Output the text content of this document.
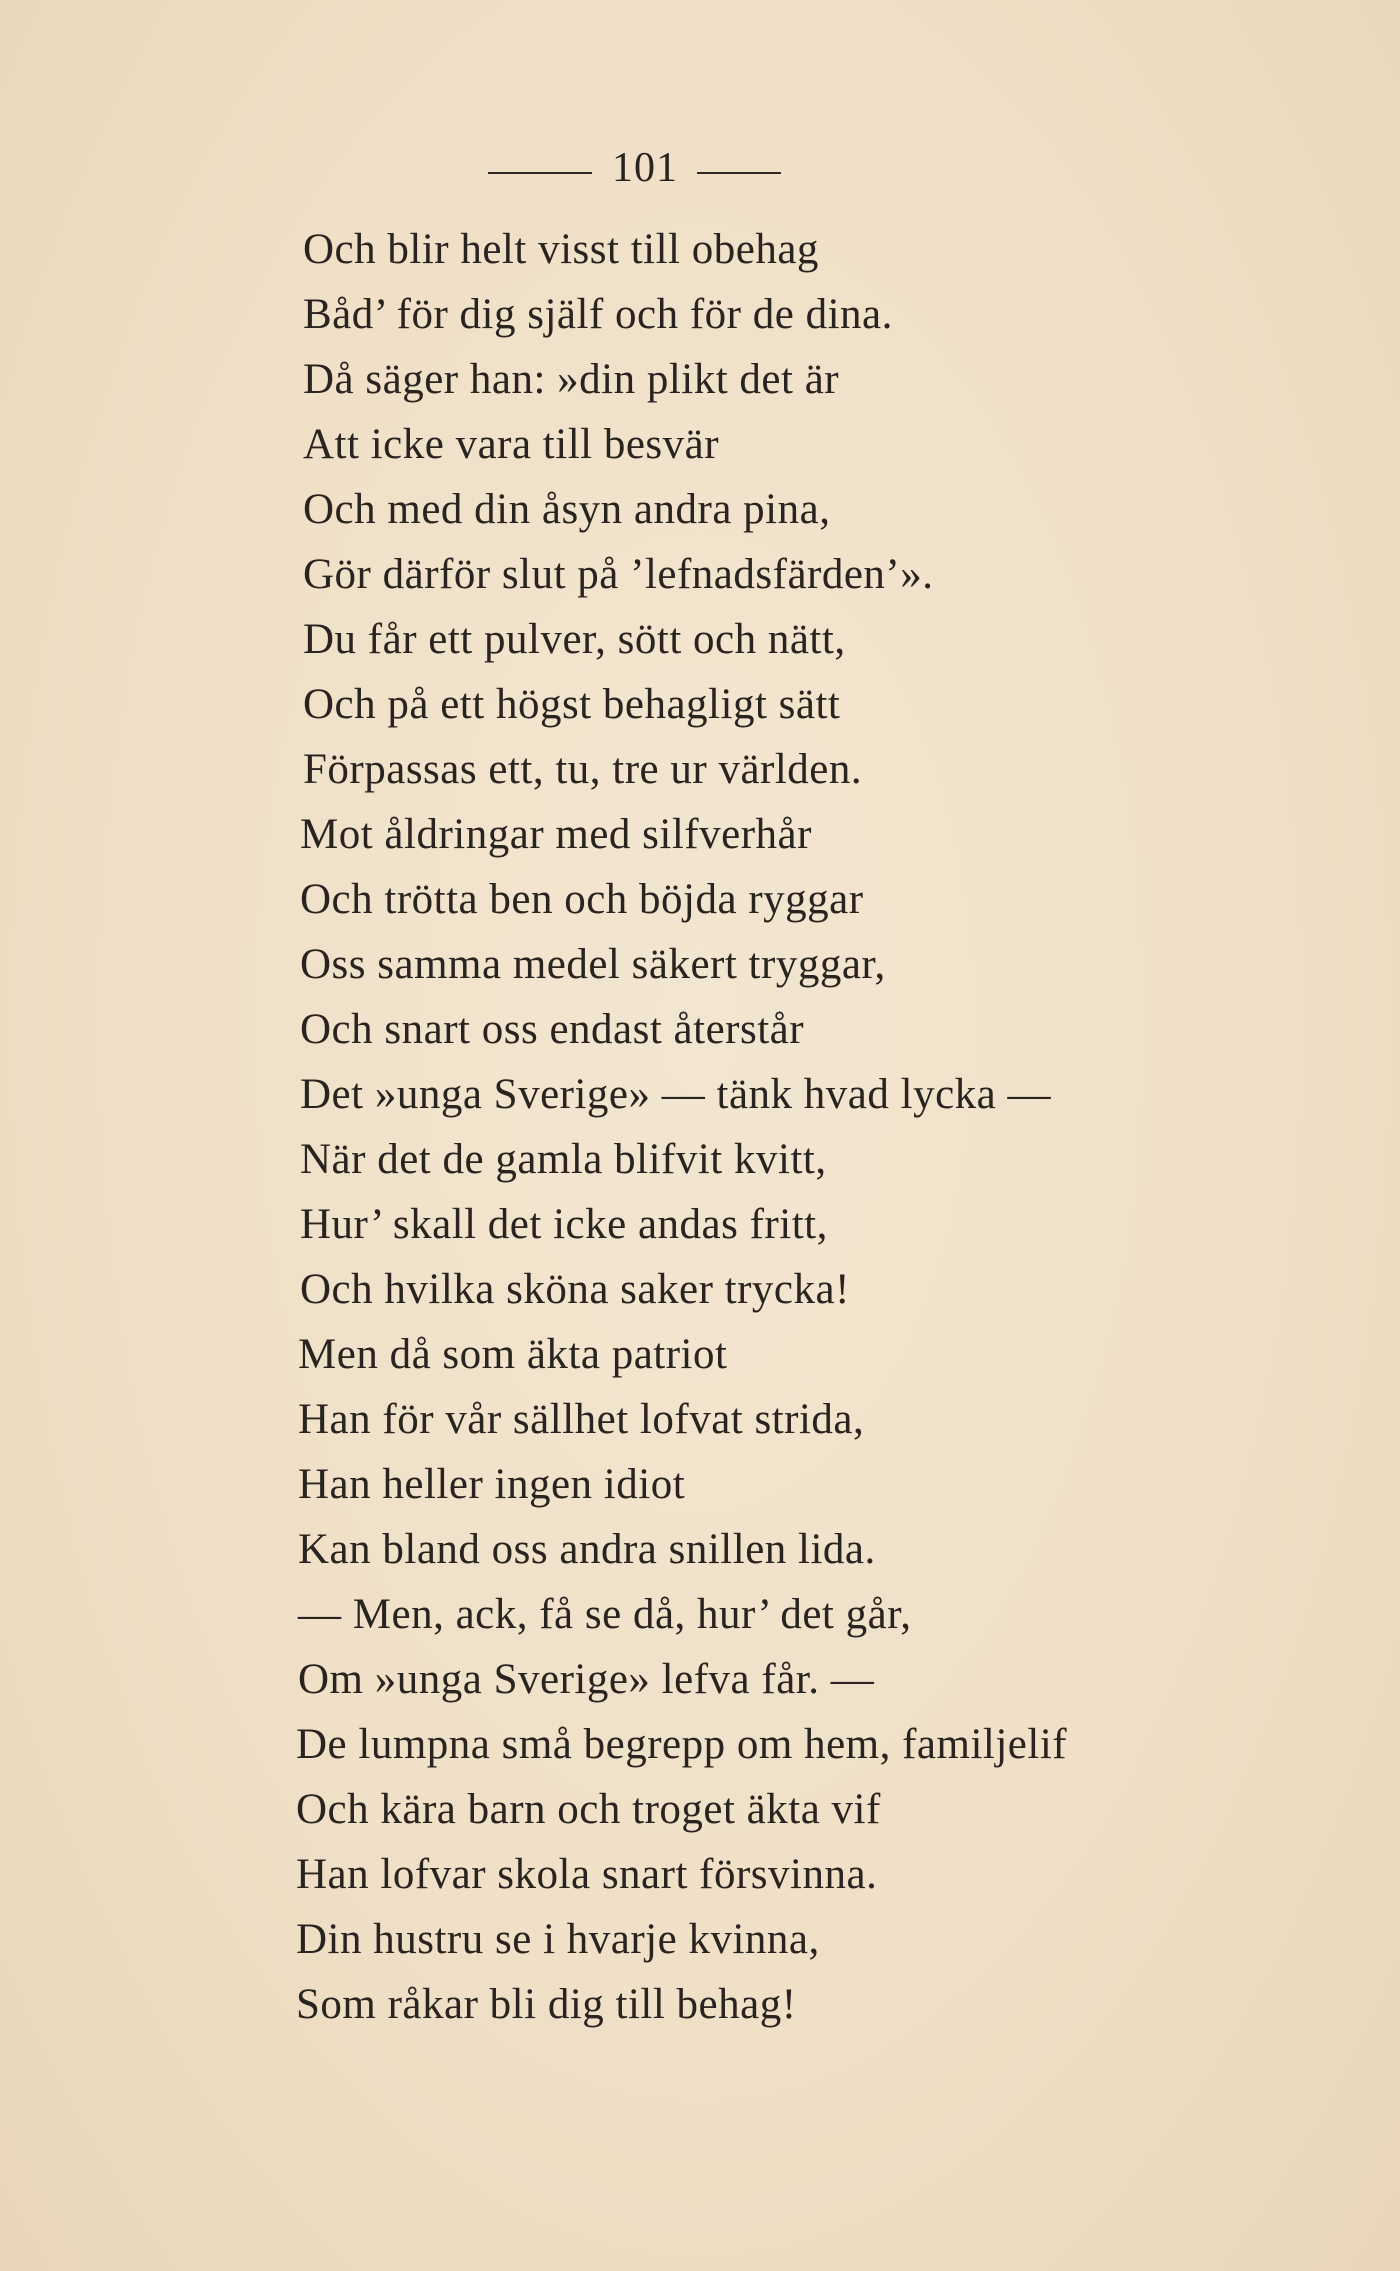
101
Och blir helt visst till obehag
Båd’ för dig själf och för de dina.
Då säger han: »din plikt det är
Att icke vara till besvär
Och med din åsyn andra pina,
Gör därför slut på ’lefnadsfärden’».
Du får ett pulver, sött och nätt,
Och på ett högst behagligt sätt
Förpassas ett, tu, tre ur världen.
Mot åldringar med silfverhår
Och trötta ben och böjda ryggar
Oss samma medel säkert tryggar,
Och snart oss endast återstår
Det »unga Sverige» — tänk hvad lycka —
När det de gamla blifvit kvitt,
Hur’ skall det icke andas fritt,
Och hvilka sköna saker trycka!
Men då som äkta patriot
Han för vår sällhet lofvat strida,
Han heller ingen idiot
Kan bland oss andra snillen lida.
— Men, ack, få se då, hur’ det går,
Om »unga Sverige» lefva får. —
De lumpna små begrepp om hem, familjelif
Och kära barn och troget äkta vif
Han lofvar skola snart försvinna.
Din hustru se i hvarje kvinna,
Som råkar bli dig till behag!
